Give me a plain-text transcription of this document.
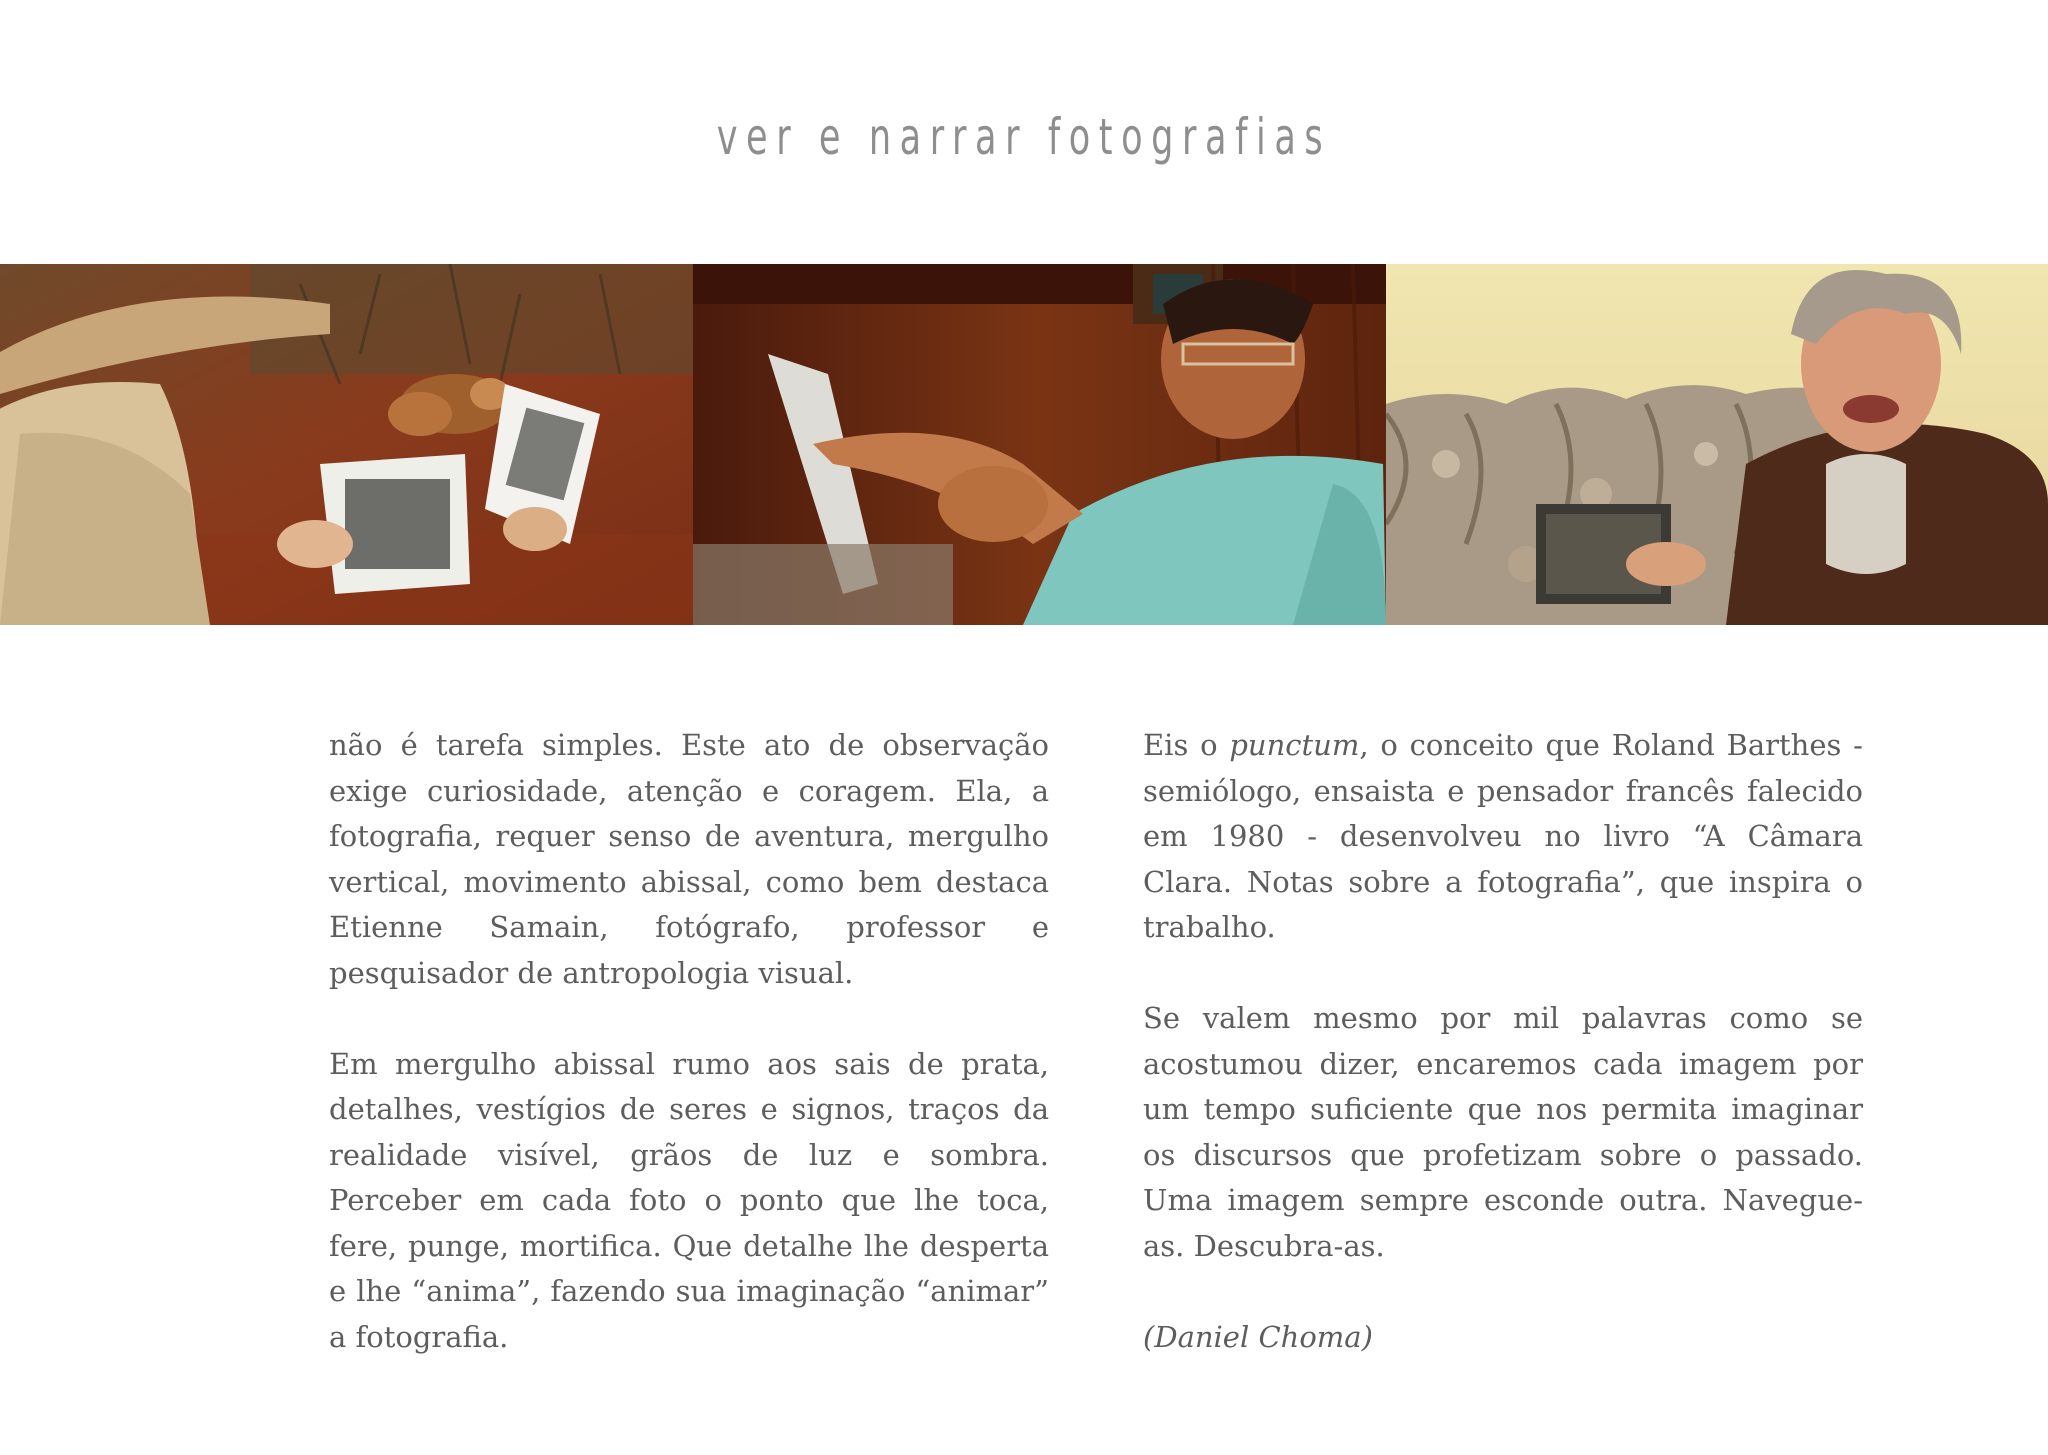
ver e narrar fotografias

não é tarefa simples. Este ato de observação exige curiosidade, atenção e coragem. Ela, a fotografia, requer senso de aventura, mergulho vertical, movimento abissal, como bem destaca Etienne Samain, fotógrafo, professor e pesquisador de antropologia visual.

Em mergulho abissal rumo aos sais de prata, detalhes, vestígios de seres e signos, traços da realidade visível, grãos de luz e sombra. Perceber em cada foto o ponto que lhe toca, fere, punge, mortifica. Que detalhe lhe desperta e lhe “anima”, fazendo sua imaginação “animar” a fotografia.

Eis o punctum, o conceito que Roland Barthes - semiólogo, ensaista e pensador francês falecido em 1980 - desenvolveu no livro “A Câmara Clara. Notas sobre a fotografia”, que inspira o trabalho.

Se valem mesmo por mil palavras como se acostumou dizer, encaremos cada imagem por um tempo suficiente que nos permita imaginar os discursos que profetizam sobre o passado. Uma imagem sempre esconde outra. Navegue-as. Descubra-as.

(Daniel Choma)
